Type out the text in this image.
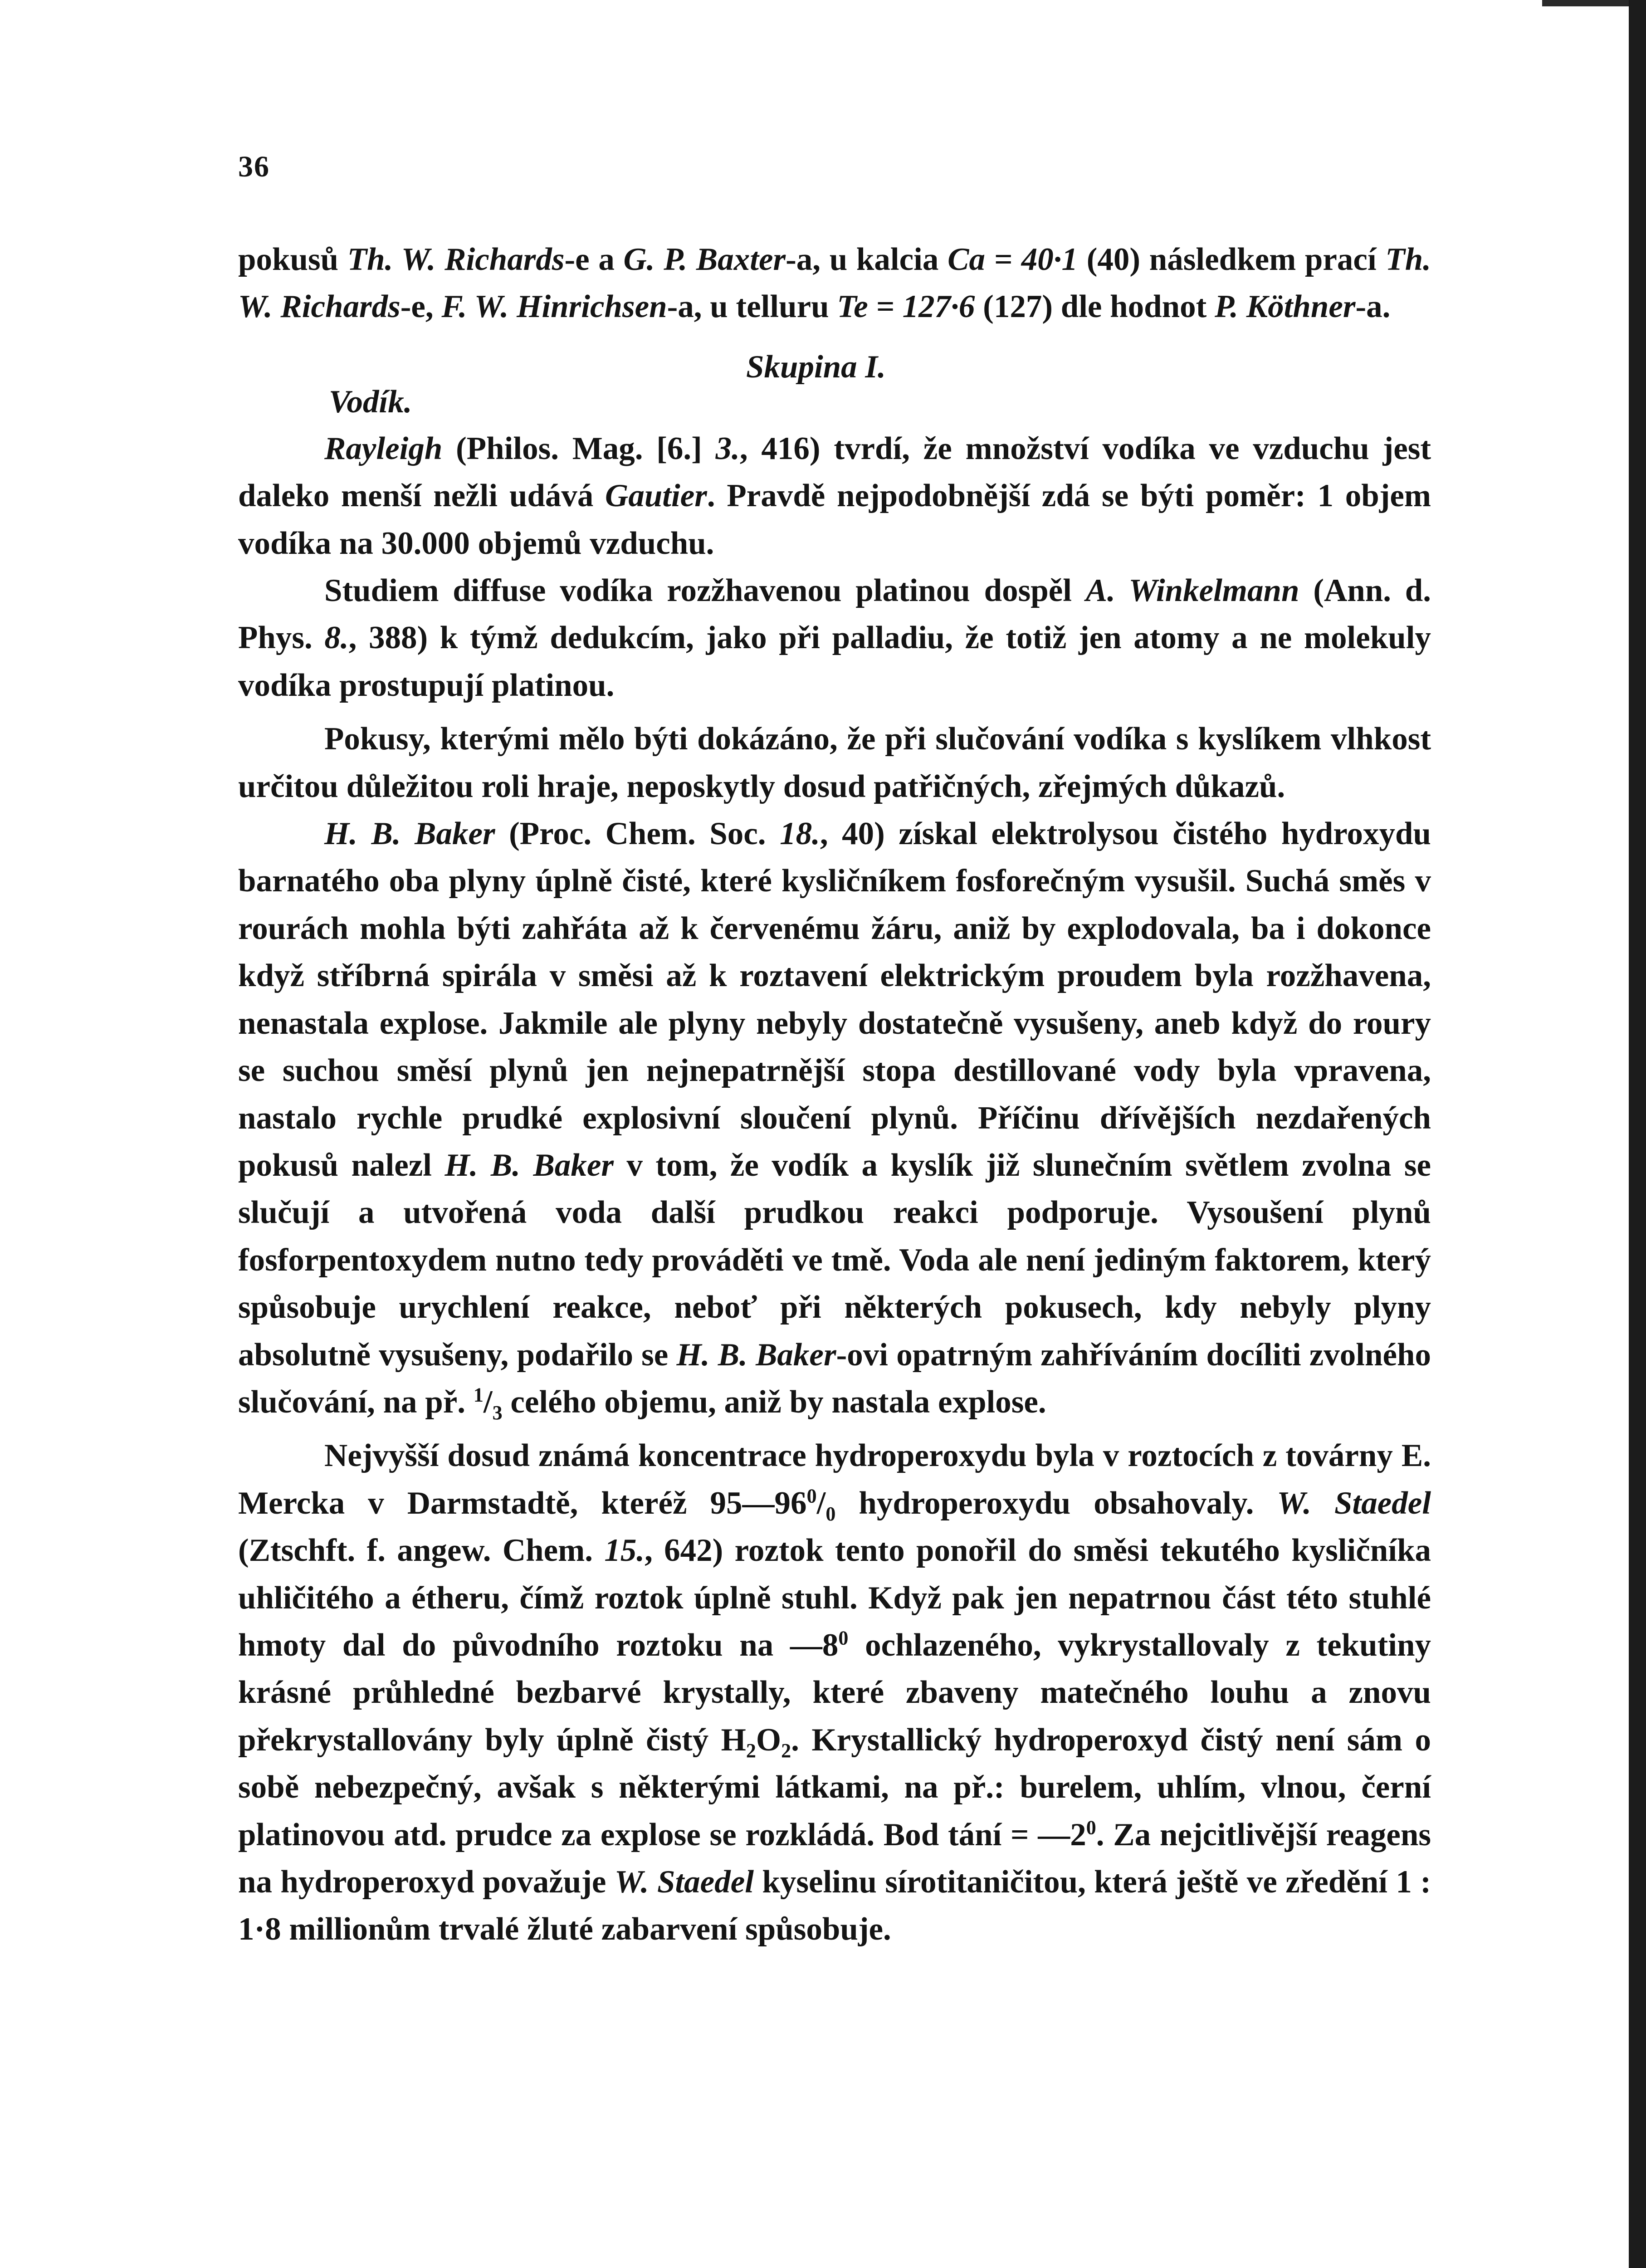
36

pokusů Th. W. Richards-e a G. P. Baxter-a, u kalcia Ca = 40·1 (40) následkem prací Th. W. Richards-e, F. W. Hinrichsen-a, u telluru Te = 127·6 (127) dle hodnot P. Köthner-a.

Skupina I.
Vodík.

Rayleigh (Philos. Mag. [6.] 3., 416) tvrdí, že množství vodíka ve vzduchu jest daleko menší nežli udává Gautier. Pravdě nejpodobnější zdá se býti poměr: 1 objem vodíka na 30.000 objemů vzduchu.

Studiem diffuse vodíka rozžhavenou platinou dospěl A. Winkelmann (Ann. d. Phys. 8., 388) k týmž dedukcím, jako při palladiu, že totiž jen atomy a ne molekuly vodíka prostupují platinou.

Pokusy, kterými mělo býti dokázáno, že při slučování vodíka s kyslíkem vlhkost určitou důležitou roli hraje, neposkytly dosud patřičných, zřejmých důkazů.

H. B. Baker (Proc. Chem. Soc. 18., 40) získal elektrolysou čistého hydroxydu barnatého oba plyny úplně čisté, které kysličníkem fosforečným vysušil. Suchá směs v rourách mohla býti zahřáta až k červenému žáru, aniž by explodovala, ba i dokonce když stříbrná spirála v směsi až k roztavení elektrickým proudem byla rozžhavena, nenastala explose. Jakmile ale plyny nebyly dostatečně vysušeny, aneb když do roury se suchou směsí plynů jen nejnepatrnější stopa destillované vody byla vpravena, nastalo rychle prudké explosivní sloučení plynů. Příčinu dřívějších nezdařených pokusů nalezl H. B. Baker v tom, že vodík a kyslík již slunečním světlem zvolna se slučují a utvořená voda další prudkou reakci podporuje. Vysoušení plynů fosforpentoxydem nutno tedy prováděti ve tmě. Voda ale není jediným faktorem, který spůsobuje urychlení reakce, neboť při některých pokusech, kdy nebyly plyny absolutně vysušeny, podařilo se H. B. Baker-ovi opatrným zahříváním docíliti zvolného slučování, na př. $^1/_3$ celého objemu, aniž by nastala explose.

Nejvyšší dosud známá koncentrace hydroperoxydu byla v roztocích z továrny E. Mercka v Darmstadtě, kteréž $95—96^0/_0$ hydroperoxydu obsahovaly. W. Staedel (Ztschft. f. angew. Chem. 15., 642) roztok tento ponořil do směsi tekutého kysličníka uhličitého a étheru, čímž roztok úplně stuhl. Když pak jen nepatrnou část této stuhlé hmoty dal do původního roztoku na $—8^0$ ochlazeného, vykrystallovaly z tekutiny krásné průhledné bezbarvé krystally, které zbaveny matečného louhu a znovu překrystallovány byly úplně čistý $H_2O_2$. Krystallický hydroperoxyd čistý není sám o sobě nebezpečný, avšak s některými látkami, na př.: burelem, uhlím, vlnou, černí platinovou atd. prudce za explose se rozkládá. Bod tání = $—2^0$. Za nejcitlivější reagens na hydroperoxyd považuje W. Staedel kyselinu sírotitaničitou, která ještě ve zředění 1 : 1·8 millionům trvalé žluté zabarvení spůsobuje.
